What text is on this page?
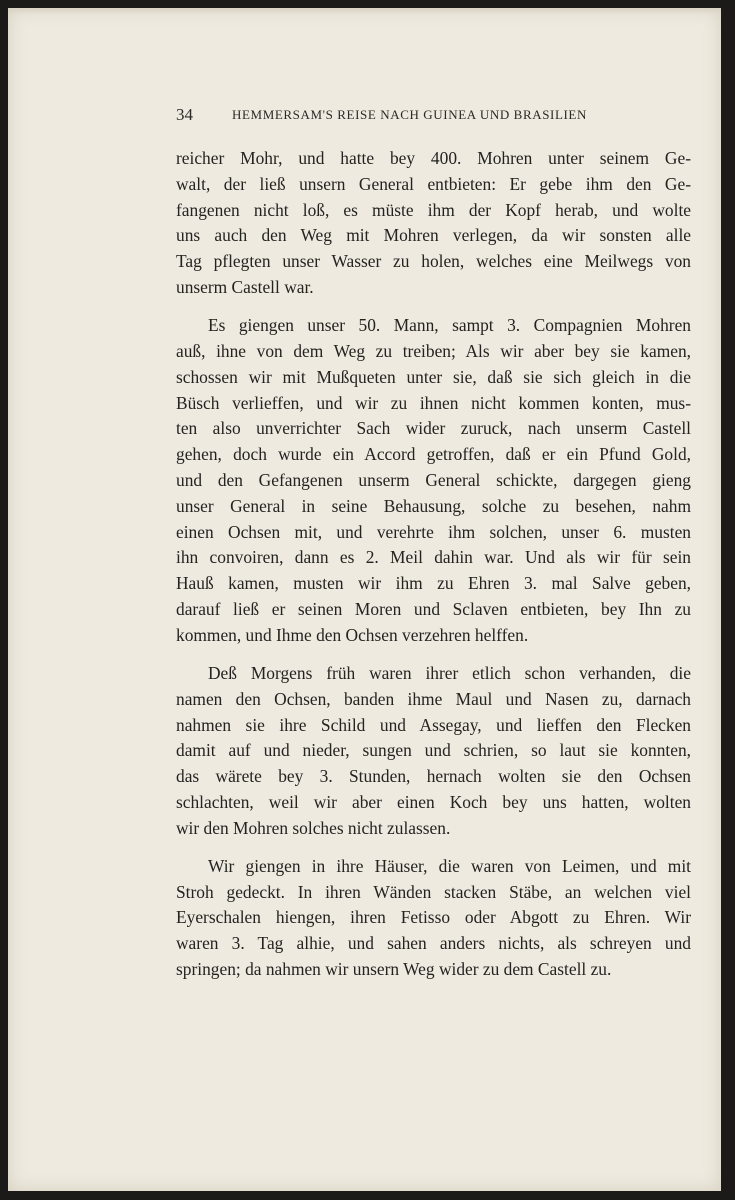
34	HEMMERSAM'S REISE NACH GUINEA UND BRASILIEN
reicher Mohr, und hatte bey 400. Mohren unter seinem Ge-
walt, der ließ unsern General entbieten: Er gebe ihm den Ge-
fangenen nicht loß, es müste ihm der Kopf herab, und wolte
uns auch den Weg mit Mohren verlegen, da wir sonsten alle
Tag pflegten unser Wasser zu holen, welches eine Meilwegs von
unserm Castell war.
Es giengen unser 50. Mann, sampt 3. Compagnien Mohren
auß, ihne von dem Weg zu treiben; Als wir aber bey sie kamen,
schossen wir mit Mußqueten unter sie, daß sie sich gleich in die
Büsch verlieffen, und wir zu ihnen nicht kommen konten, mus-
ten also unverrichter Sach wider zuruck, nach unserm Castell
gehen, doch wurde ein Accord getroffen, daß er ein Pfund Gold,
und den Gefangenen unserm General schickte, dargegen gieng
unser General in seine Behausung, solche zu besehen, nahm
einen Ochsen mit, und verehrte ihm solchen, unser 6. musten
ihn convoiren, dann es 2. Meil dahin war. Und als wir für sein
Hauß kamen, musten wir ihm zu Ehren 3. mal Salve geben,
darauf ließ er seinen Moren und Sclaven entbieten, bey Ihn zu
kommen, und Ihme den Ochsen verzehren helffen.
Deß Morgens früh waren ihrer etlich schon verhanden, die
namen den Ochsen, banden ihme Maul und Nasen zu, darnach
nahmen sie ihre Schild und Assegay, und lieffen den Flecken
damit auf und nieder, sungen und schrien, so laut sie konnten,
das wärete bey 3. Stunden, hernach wolten sie den Ochsen
schlachten, weil wir aber einen Koch bey uns hatten, wolten
wir den Mohren solches nicht zulassen.
Wir giengen in ihre Häuser, die waren von Leimen, und mit
Stroh gedeckt. In ihren Wänden stacken Stäbe, an welchen viel
Eyerschalen hiengen, ihren Fetisso oder Abgott zu Ehren. Wir
waren 3. Tag alhie, und sahen anders nichts, als schreyen und
springen; da nahmen wir unsern Weg wider zu dem Castell zu.
